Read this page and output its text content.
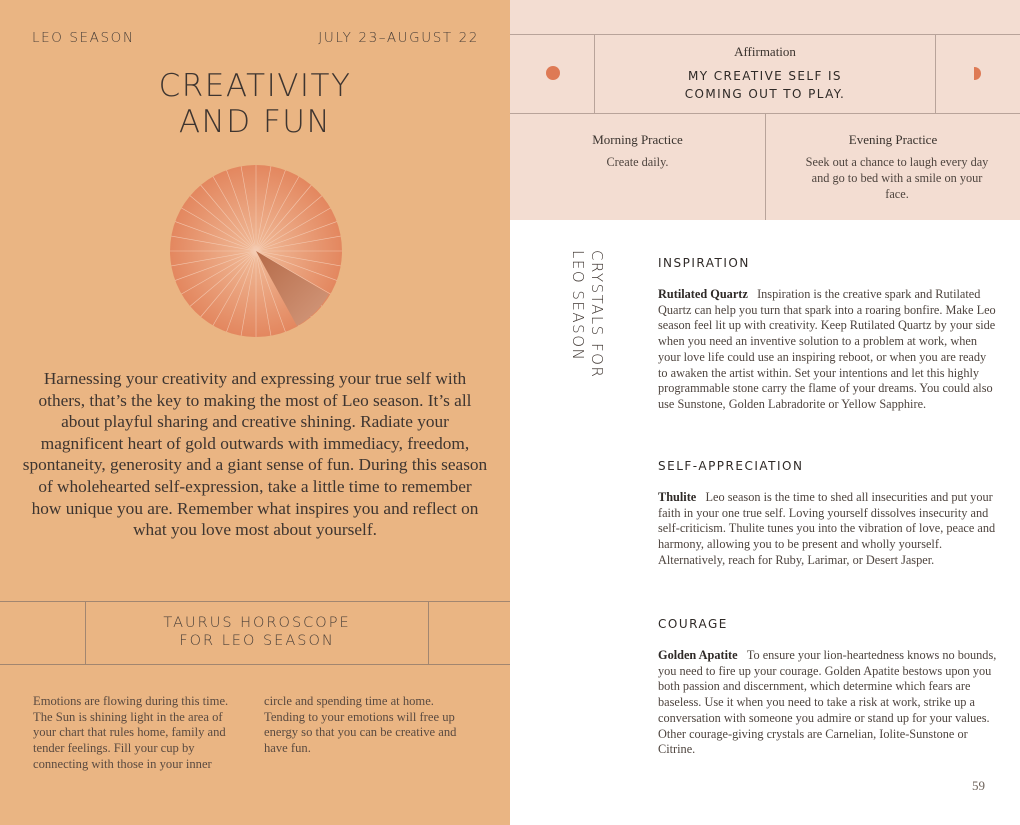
LEO SEASON	JULY 23–AUGUST 22
CREATIVITY
AND FUN
Harnessing your creativity and expressing your true self with others, that’s the key to making the most of Leo season. It’s all about playful sharing and creative shining. Radiate your magnificent heart of gold outwards with immediacy, freedom, spontaneity, generosity and a giant sense of fun. During this season of wholehearted self-expression, take a little time to remember how unique you are. Remember what inspires you and reflect on what you love most about yourself.
TAURUS HOROSCOPE
FOR LEO SEASON
Emotions are flowing during this time. The Sun is shining light in the area of your chart that rules home, family and tender feelings. Fill your cup by connecting with those in your inner
circle and spending time at home. Tending to your emotions will free up energy so that you can be creative and have fun.
Affirmation
MY CREATIVE SELF IS
COMING OUT TO PLAY.
Morning Practice
Create daily.
Evening Practice
Seek out a chance to laugh every day and go to bed with a smile on your face.
CRYSTALS FOR
LEO SEASON	INSPIRATION
Rutilated Quartz Inspiration is the creative spark and Rutilated Quartz can help you turn that spark into a roaring bonfire. Make Leo season feel lit up with creativity. Keep Rutilated Quartz by your side when you need an inventive solution to a problem at work, when your love life could use an inspiring reboot, or when you are ready to awaken the artist within. Set your intentions and let this highly programmable stone carry the flame of your dreams. You could also use Sunstone, Golden Labradorite or Yellow Sapphire.
SELF-APPRECIATION
Thulite Leo season is the time to shed all insecurities and put your faith in your one true self. Loving yourself dissolves insecurity and self-criticism. Thulite tunes you into the vibration of love, peace and harmony, allowing you to be present and wholly yourself. Alternatively, reach for Ruby, Larimar, or Desert Jasper.
COURAGE
Golden Apatite To ensure your lion-heartedness knows no bounds, you need to fire up your courage. Golden Apatite bestows upon you both passion and discernment, which determine which fears are baseless. Use it when you need to take a risk at work, strike up a conversation with someone you admire or stand up for your values. Other courage-giving crystals are Carnelian, Iolite-Sunstone or Citrine.
59
